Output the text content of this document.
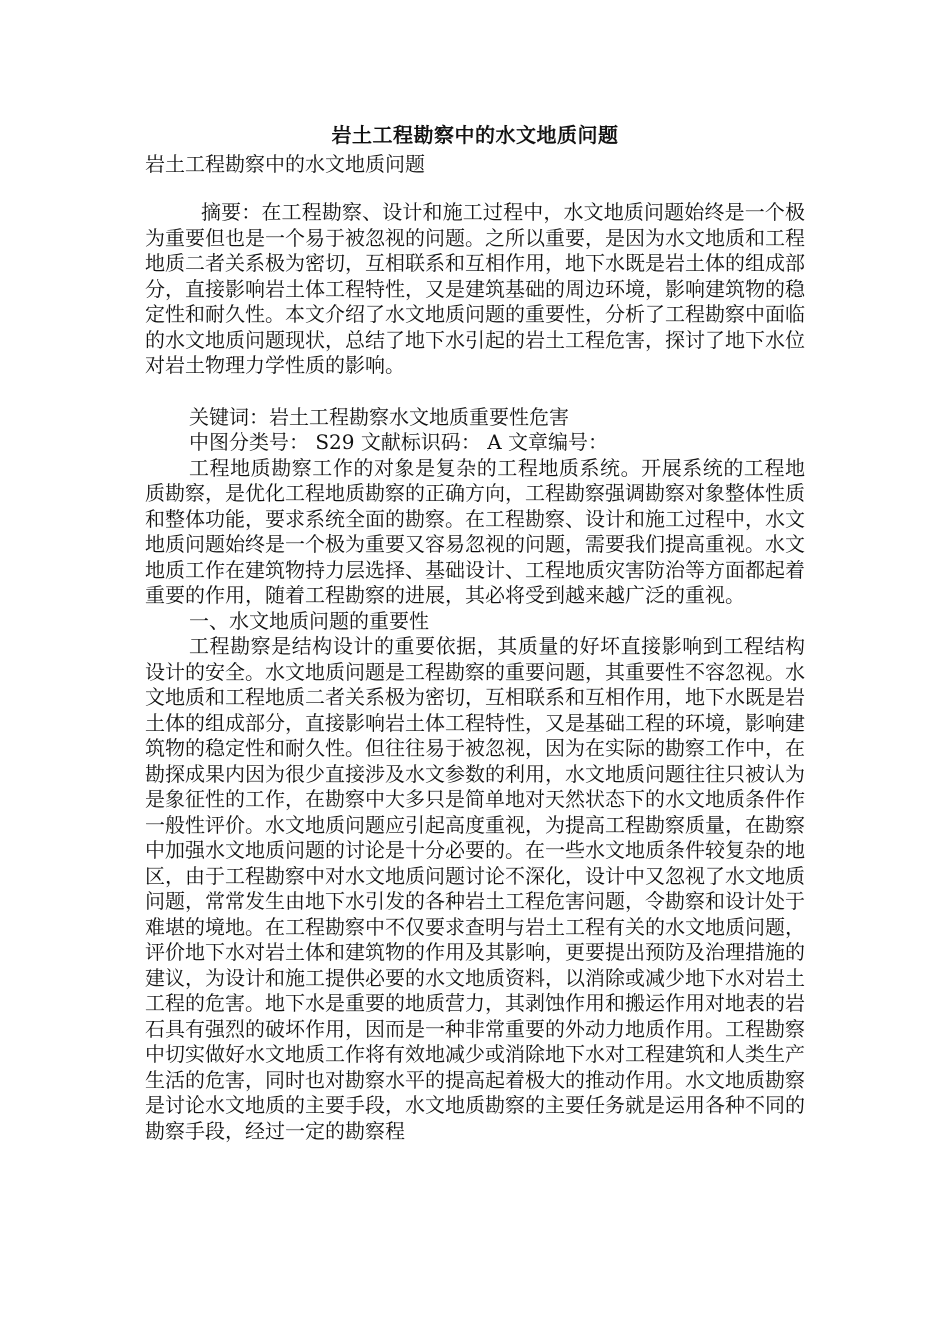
岩土工程勘察中的水文地质问题
岩土工程勘察中的水文地质问题

摘要：在工程勘察、设计和施工过程中，水文地质问题始终是一个极为重要但也是一个易于被忽视的问题。之所以重要，是因为水文地质和工程地质二者关系极为密切，互相联系和互相作用，地下水既是岩土体的组成部分，直接影响岩土体工程特性，又是建筑基础的周边环境，影响建筑物的稳定性和耐久性。本文介绍了水文地质问题的重要性，分析了工程勘察中面临的水文地质问题现状，总结了地下水引起的岩土工程危害，探讨了地下水位对岩土物理力学性质的影响。

关键词：岩土工程勘察水文地质重要性危害

中图分类号： S29 文献标识码： A 文章编号：

工程地质勘察工作的对象是复杂的工程地质系统。开展系统的工程地质勘察，是优化工程地质勘察的正确方向，工程勘察强调勘察对象整体性质和整体功能，要求系统全面的勘察。在工程勘察、设计和施工过程中，水文地质问题始终是一个极为重要又容易忽视的问题，需要我们提高重视。水文地质工作在建筑物持力层选择、基础设计、工程地质灾害防治等方面都起着重要的作用，随着工程勘察的进展，其必将受到越来越广泛的重视。

一、水文地质问题的重要性

工程勘察是结构设计的重要依据，其质量的好坏直接影响到工程结构设计的安全。水文地质问题是工程勘察的重要问题，其重要性不容忽视。水文地质和工程地质二者关系极为密切，互相联系和互相作用，地下水既是岩土体的组成部分，直接影响岩土体工程特性，又是基础工程的环境，影响建筑物的稳定性和耐久性。但往往易于被忽视，因为在实际的勘察工作中，在勘探成果内因为很少直接涉及水文参数的利用，水文地质问题往往只被认为是象征性的工作，在勘察中大多只是简单地对天然状态下的水文地质条件作一般性评价。水文地质问题应引起高度重视，为提高工程勘察质量，在勘察中加强水文地质问题的讨论是十分必要的。在一些水文地质条件较复杂的地区，由于工程勘察中对水文地质问题讨论不深化，设计中又忽视了水文地质问题，常常发生由地下水引发的各种岩土工程危害问题，令勘察和设计处于难堪的境地。在工程勘察中不仅要求查明与岩土工程有关的水文地质问题，评价地下水对岩土体和建筑物的作用及其影响，更要提出预防及治理措施的建议，为设计和施工提供必要的水文地质资料，以消除或减少地下水对岩土工程的危害。地下水是重要的地质营力，其剥蚀作用和搬运作用对地表的岩石具有强烈的破坏作用，因而是一种非常重要的外动力地质作用。工程勘察中切实做好水文地质工作将有效地减少或消除地下水对工程建筑和人类生产生活的危害，同时也对勘察水平的提高起着极大的推动作用。水文地质勘察是讨论水文地质的主要手段，水文地质勘察的主要任务就是运用各种不同的勘察手段，经过一定的勘察程
